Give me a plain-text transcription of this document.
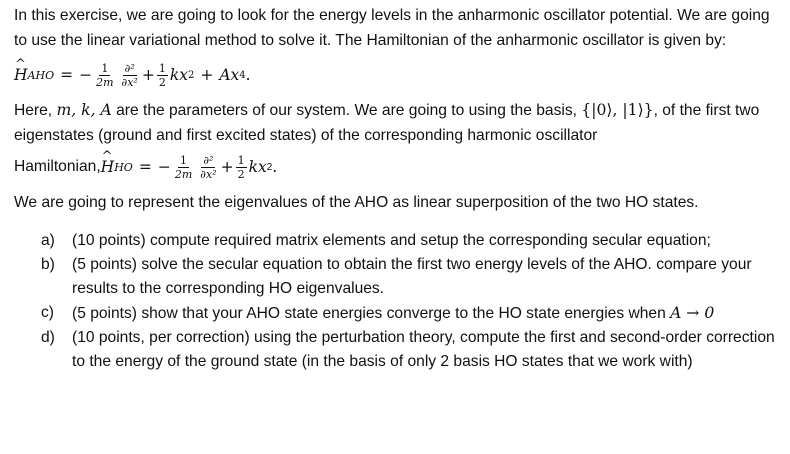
In this exercise, we are going to look for the energy levels in the anharmonic oscillator potential. We are going to use the linear variational method to solve it. The Hamiltonian of the anharmonic oscillator is given by:

^ H AHO = − $\frac{1}{2m} \frac{\text{∂²}}{\text{∂x²}} + \frac{1}{2}$ kx 2 + Ax 4 .

Here, m, k, A are the parameters of our system. We are going to using the basis, {|0⟩, |1⟩}, of the first two eigenstates (ground and first excited states) of the corresponding harmonic oscillator

Hamiltonian,
^ H HO = − $\frac{1}{2m} \frac{\text{∂²}}{\text{∂x²}} + \frac{1}{2}$ kx 2 .

We are going to represent the eigenvalues of the AHO as linear superposition of the two HO states.

a) (10 points) compute required matrix elements and setup the corresponding secular equation;
b) (5 points) solve the secular equation to obtain the first two energy levels of the AHO. compare your results to the corresponding HO eigenvalues.
c) (5 points) show that your AHO state energies converge to the HO state energies when A → 0
d) (10 points, per correction) using the perturbation theory, compute the first and second-order correction to the energy of the ground state (in the basis of only 2 basis HO states that we work with)
